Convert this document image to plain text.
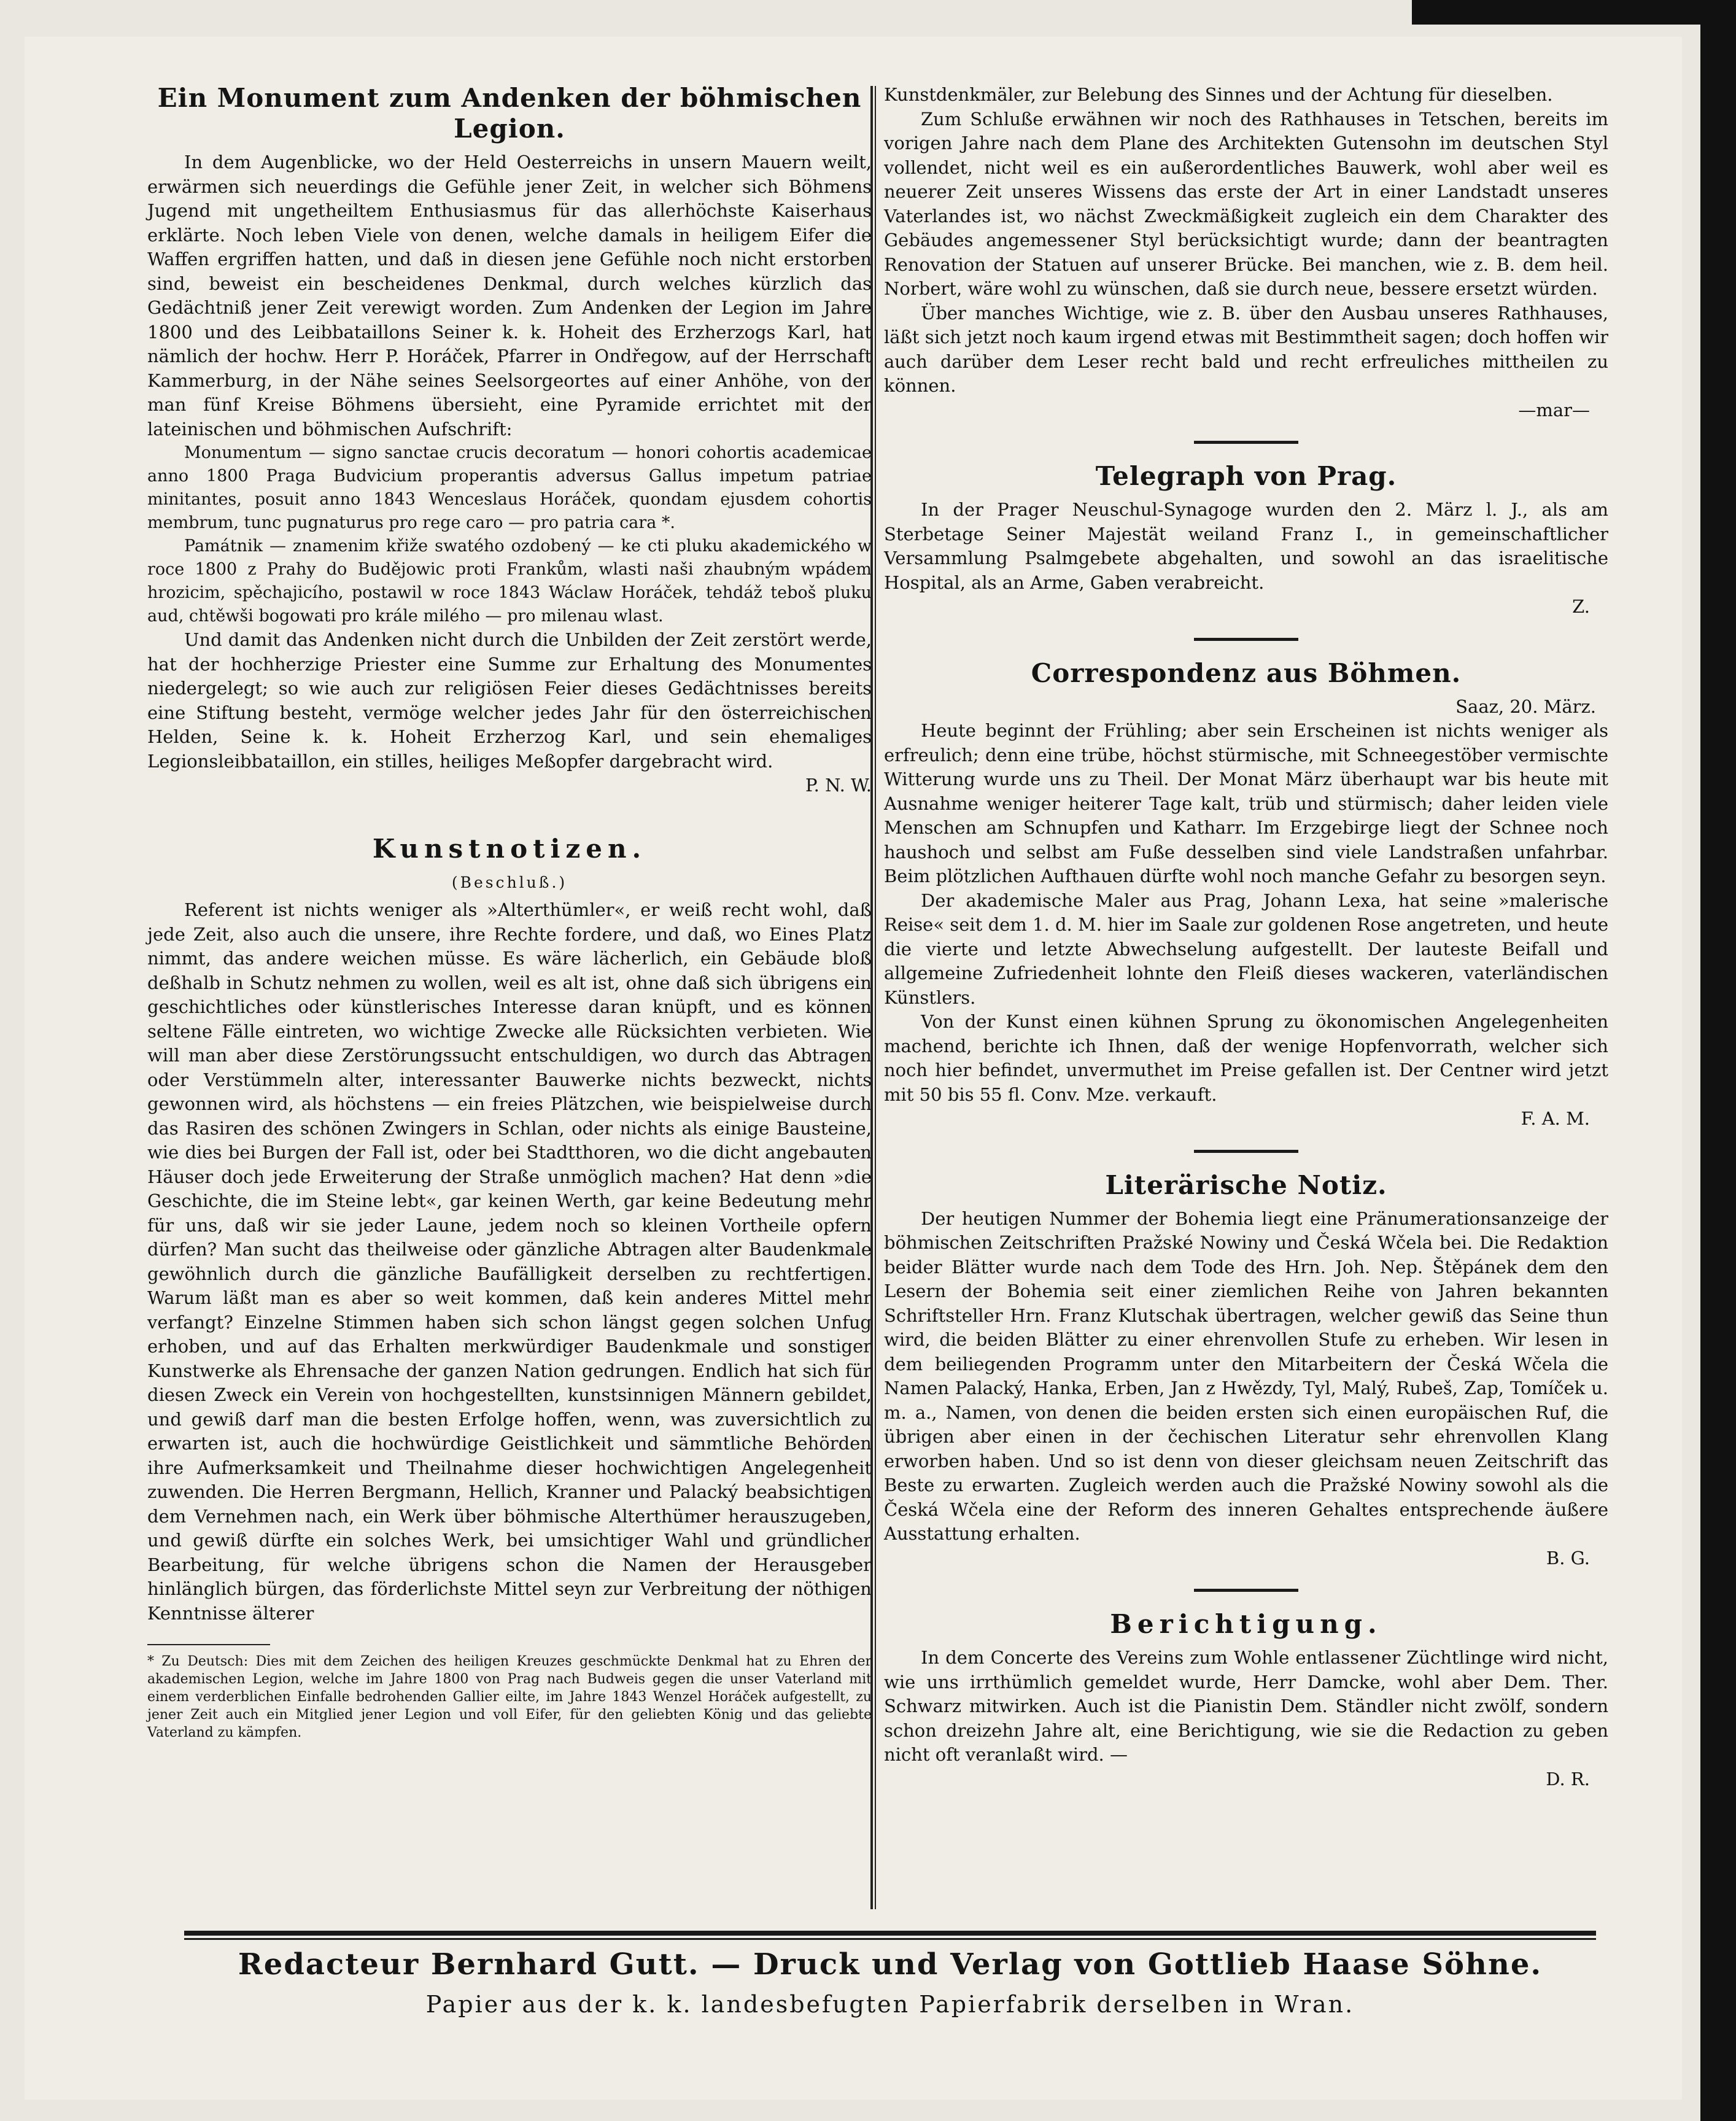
Ein Monument zum Andenken der böhmischen Legion.

In dem Augenblicke, wo der Held Oesterreichs in unsern Mauern weilt, erwärmen sich neuerdings die Gefühle jener Zeit, in welcher sich Böhmens Jugend mit ungetheiltem Enthusiasmus für das allerhöchste Kaiserhaus erklärte. Noch leben Viele von denen, welche damals in heiligem Eifer die Waffen ergriffen hatten, und daß in diesen jene Gefühle noch nicht erstorben sind, beweist ein bescheidenes Denkmal, durch welches kürzlich das Gedächtniß jener Zeit verewigt worden. Zum Andenken der Legion im Jahre 1800 und des Leibbataillons Seiner k. k. Hoheit des Erzherzogs Karl, hat nämlich der hochw. Herr P. Horáček, Pfarrer in Ondřegow, auf der Herrschaft Kammerburg, in der Nähe seines Seelsorgeortes auf einer Anhöhe, von der man fünf Kreise Böhmens übersieht, eine Pyramide errichtet mit der lateinischen und böhmischen Aufschrift:

Monumentum — signo sanctae crucis decoratum — honori cohortis academicae anno 1800 Praga Budvicium properantis adversus Gallus impetum patriae minitantes, posuit anno 1843 Wenceslaus Horáček, quondam ejusdem cohortis membrum, tunc pugnaturus pro rege caro — pro patria cara *.

Památnik — znamenim křiže swatého ozdobený — ke cti pluku akademického w roce 1800 z Prahy do Budějowic proti Frankům, wlasti naši zhaubným wpádem hrozicim, spěchajicího, postawil w roce 1843 Wáclaw Horáček, tehdáž teboš pluku aud, chtěwši bogowati pro krále milého — pro milenau wlast.

Und damit das Andenken nicht durch die Unbilden der Zeit zerstört werde, hat der hochherzige Priester eine Summe zur Erhaltung des Monumentes niedergelegt; so wie auch zur religiösen Feier dieses Gedächtnisses bereits eine Stiftung besteht, vermöge welcher jedes Jahr für den österreichischen Helden, Seine k. k. Hoheit Erzherzog Karl, und sein ehemaliges Legionsleibbataillon, ein stilles, heiliges Meßopfer dargebracht wird.

P. N. W.
Kunstnotizen.
(Beschluß.)

Referent ist nichts weniger als »Alterthümler«, er weiß recht wohl, daß jede Zeit, also auch die unsere, ihre Rechte fordere, und daß, wo Eines Platz nimmt, das andere weichen müsse. Es wäre lächerlich, ein Gebäude bloß deßhalb in Schutz nehmen zu wollen, weil es alt ist, ohne daß sich übrigens ein geschichtliches oder künstlerisches Interesse daran knüpft, und es können seltene Fälle eintreten, wo wichtige Zwecke alle Rücksichten verbieten. Wie will man aber diese Zerstörungssucht entschuldigen, wo durch das Abtragen oder Verstümmeln alter, interessanter Bauwerke nichts bezweckt, nichts gewonnen wird, als höchstens — ein freies Plätzchen, wie beispielweise durch das Rasiren des schönen Zwingers in Schlan, oder nichts als einige Bausteine, wie dies bei Burgen der Fall ist, oder bei Stadtthoren, wo die dicht angebauten Häuser doch jede Erweiterung der Straße unmöglich machen? Hat denn »die Geschichte, die im Steine lebt«, gar keinen Werth, gar keine Bedeutung mehr für uns, daß wir sie jeder Laune, jedem noch so kleinen Vortheile opfern dürfen? Man sucht das theilweise oder gänzliche Abtragen alter Baudenkmale gewöhnlich durch die gänzliche Baufälligkeit derselben zu rechtfertigen. Warum läßt man es aber so weit kommen, daß kein anderes Mittel mehr verfangt? Einzelne Stimmen haben sich schon längst gegen solchen Unfug erhoben, und auf das Erhalten merkwürdiger Baudenkmale und sonstiger Kunstwerke als Ehrensache der ganzen Nation gedrungen. Endlich hat sich für diesen Zweck ein Verein von hochgestellten, kunstsinnigen Männern gebildet, und gewiß darf man die besten Erfolge hoffen, wenn, was zuversichtlich zu erwarten ist, auch die hochwürdige Geistlichkeit und sämmtliche Behörden ihre Aufmerksamkeit und Theilnahme dieser hochwichtigen Angelegenheit zuwenden. Die Herren Bergmann, Hellich, Kranner und Palacký beabsichtigen dem Vernehmen nach, ein Werk über böhmische Alterthümer herauszugeben, und gewiß dürfte ein solches Werk, bei umsichtiger Wahl und gründlicher Bearbeitung, für welche übrigens schon die Namen der Herausgeber hinlänglich bürgen, das förderlichste Mittel seyn zur Verbreitung der nöthigen Kenntnisse älterer

* Zu Deutsch: Dies mit dem Zeichen des heiligen Kreuzes geschmückte Denkmal hat zu Ehren der akademischen Legion, welche im Jahre 1800 von Prag nach Budweis gegen die unser Vaterland mit einem verderblichen Einfalle bedrohenden Gallier eilte, im Jahre 1843 Wenzel Horáček aufgestellt, zu jener Zeit auch ein Mitglied jener Legion und voll Eifer, für den geliebten König und das geliebte Vaterland zu kämpfen.

Kunstdenkmäler, zur Belebung des Sinnes und der Achtung für dieselben.

Zum Schluße erwähnen wir noch des Rathhauses in Tetschen, bereits im vorigen Jahre nach dem Plane des Architekten Gutensohn im deutschen Styl vollendet, nicht weil es ein außerordentliches Bauwerk, wohl aber weil es neuerer Zeit unseres Wissens das erste der Art in einer Landstadt unseres Vaterlandes ist, wo nächst Zweckmäßigkeit zugleich ein dem Charakter des Gebäudes angemessener Styl berücksichtigt wurde; dann der beantragten Renovation der Statuen auf unserer Brücke. Bei manchen, wie z. B. dem heil. Norbert, wäre wohl zu wünschen, daß sie durch neue, bessere ersetzt würden.

Über manches Wichtige, wie z. B. über den Ausbau unseres Rathhauses, läßt sich jetzt noch kaum irgend etwas mit Bestimmtheit sagen; doch hoffen wir auch darüber dem Leser recht bald und recht erfreuliches mittheilen zu können.

—mar—
Telegraph von Prag.

In der Prager Neuschul-Synagoge wurden den 2. März l. J., als am Sterbetage Seiner Majestät weiland Franz I., in gemeinschaftlicher Versammlung Psalmgebete abgehalten, und sowohl an das israelitische Hospital, als an Arme, Gaben verabreicht.

Z.
Correspondenz aus Böhmen.

Saaz, 20. März.

Heute beginnt der Frühling; aber sein Erscheinen ist nichts weniger als erfreulich; denn eine trübe, höchst stürmische, mit Schneegestöber vermischte Witterung wurde uns zu Theil. Der Monat März überhaupt war bis heute mit Ausnahme weniger heiterer Tage kalt, trüb und stürmisch; daher leiden viele Menschen am Schnupfen und Katharr. Im Erzgebirge liegt der Schnee noch haushoch und selbst am Fuße desselben sind viele Landstraßen unfahrbar. Beim plötzlichen Aufthauen dürfte wohl noch manche Gefahr zu besorgen seyn.

Der akademische Maler aus Prag, Johann Lexa, hat seine »malerische Reise« seit dem 1. d. M. hier im Saale zur goldenen Rose angetreten, und heute die vierte und letzte Abwechselung aufgestellt. Der lauteste Beifall und allgemeine Zufriedenheit lohnte den Fleiß dieses wackeren, vaterländischen Künstlers.

Von der Kunst einen kühnen Sprung zu ökonomischen Angelegenheiten machend, berichte ich Ihnen, daß der wenige Hopfenvorrath, welcher sich noch hier befindet, unvermuthet im Preise gefallen ist. Der Centner wird jetzt mit 50 bis 55 fl. Conv. Mze. verkauft.

F. A. M.
Literärische Notiz.

Der heutigen Nummer der Bohemia liegt eine Pränumerationsanzeige der böhmischen Zeitschriften Pražské Nowiny und Česká Wčela bei. Die Redaktion beider Blätter wurde nach dem Tode des Hrn. Joh. Nep. Štěpánek dem den Lesern der Bohemia seit einer ziemlichen Reihe von Jahren bekannten Schriftsteller Hrn. Franz Klutschak übertragen, welcher gewiß das Seine thun wird, die beiden Blätter zu einer ehrenvollen Stufe zu erheben. Wir lesen in dem beiliegenden Programm unter den Mitarbeitern der Česká Wčela die Namen Palacký, Hanka, Erben, Jan z Hwězdy, Tyl, Malý, Rubeš, Zap, Tomíček u. m. a., Namen, von denen die beiden ersten sich einen europäischen Ruf, die übrigen aber einen in der čechischen Literatur sehr ehrenvollen Klang erworben haben. Und so ist denn von dieser gleichsam neuen Zeitschrift das Beste zu erwarten. Zugleich werden auch die Pražské Nowiny sowohl als die Česká Wčela eine der Reform des inneren Gehaltes entsprechende äußere Ausstattung erhalten.

B. G.
Berichtigung.

In dem Concerte des Vereins zum Wohle entlassener Züchtlinge wird nicht, wie uns irrthümlich gemeldet wurde, Herr Damcke, wohl aber Dem. Ther. Schwarz mitwirken. Auch ist die Pianistin Dem. Ständler nicht zwölf, sondern schon dreizehn Jahre alt, eine Berichtigung, wie sie die Redaction zu geben nicht oft veranlaßt wird. —

D. R.
Redacteur Bernhard Gutt. — Druck und Verlag von Gottlieb Haase Söhne.
Papier aus der k. k. landesbefugten Papierfabrik derselben in Wran.
